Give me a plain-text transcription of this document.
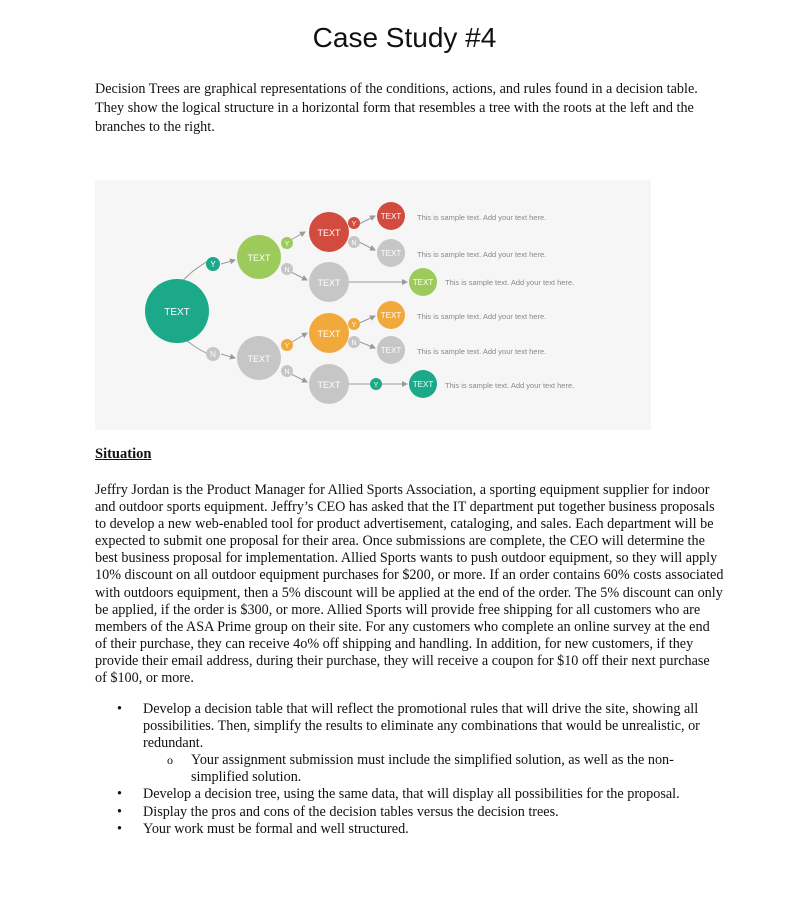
Case Study #4
Decision Trees are graphical representations of the conditions, actions, and rules found in a decision table. They show the logical structure in a horizontal form that resembles a tree with the roots at the left and the branches to the right.
TEXT
TEXT
TEXT
TEXT
TEXT
TEXT
TEXT
TEXT
TEXT
TEXT
TEXT
TEXT
TEXT
Y
N
Y
N
Y
N
Y
N
Y
N
Y
This is sample text. Add your text here.
This is sample text. Add your text here.
This is sample text. Add your text here.
This is sample text. Add your text here.
This is sample text. Add your text here.
This is sample text. Add your text here.
Situation
Jeffry Jordan is the Product Manager for Allied Sports Association, a sporting equipment supplier for indoor and outdoor sports equipment. Jeffry’s CEO has asked that the IT department put together business proposals to develop a new web-enabled tool for product advertisement, cataloging, and sales. Each department will be expected to submit one proposal for their area. Once submissions are complete, the CEO will determine the best business proposal for implementation. Allied Sports wants to push outdoor equipment, so they will apply 10% discount on all outdoor equipment purchases for $200, or more. If an order contains 60% costs associated with outdoors equipment, then a 5% discount will be applied at the end of the order. The 5% discount can only be applied, if the order is $300, or more. Allied Sports will provide free shipping for all customers who are members of the ASA Prime group on their site. For any customers who complete an online survey at the end of their purchase, they can receive 4o% off shipping and handling. In addition, for new customers, if they provide their email address, during their purchase, they will receive a coupon for $10 off their next purchase of $100, or more.
• Develop a decision table that will reflect the promotional rules that will drive the site, showing all possibilities. Then, simplify the results to eliminate any combinations that would be unrealistic, or redundant.
o Your assignment submission must include the simplified solution, as well as the non-simplified solution.
• Develop a decision tree, using the same data, that will display all possibilities for the proposal.
• Display the pros and cons of the decision tables versus the decision trees.
• Your work must be formal and well structured.
